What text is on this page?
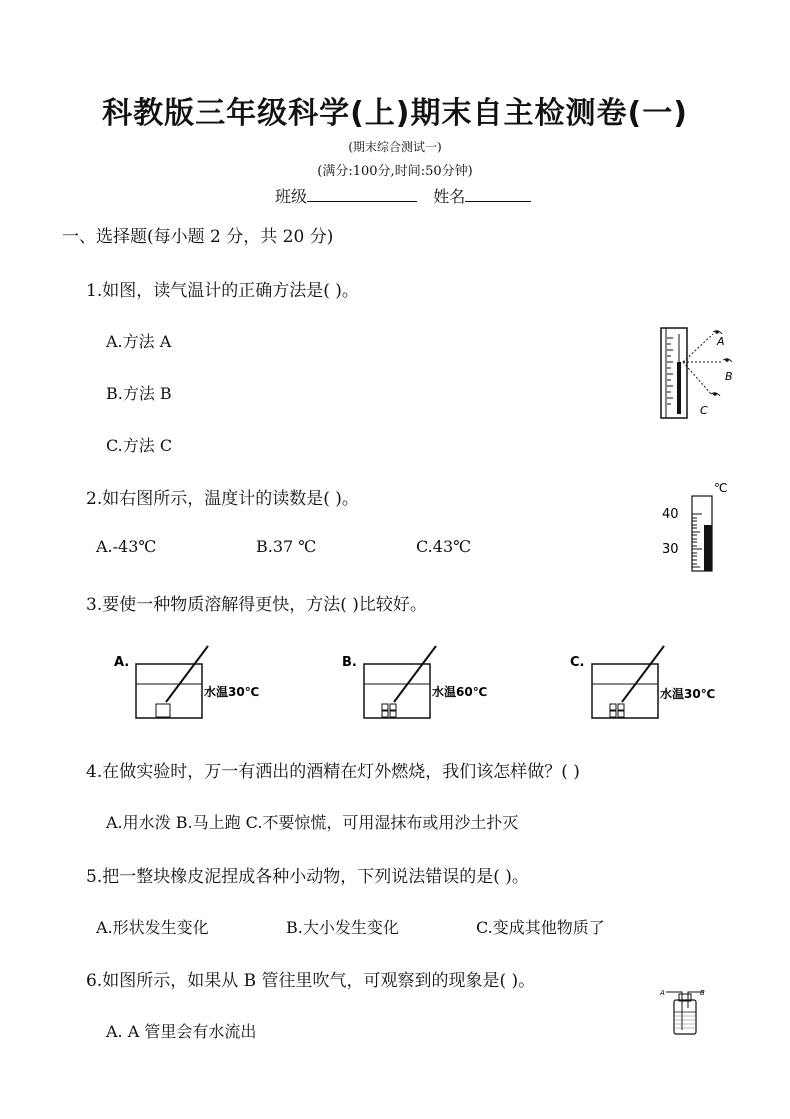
科教版三年级科学(上)期末自主检测卷(一)
(期末综合测试一)
(满分:100分,时间:50分钟)
班级	姓名
一、选择题(每小题 2 分，共 20 分)
1.如图，读气温计的正确方法是( )。
A.方法 A
B.方法 B
C.方法 C
A
B
C
2.如右图所示，温度计的读数是( )。
A.-43℃	B.37 ℃	C.43℃
℃
40
30
3.要使一种物质溶解得更快，方法( )比较好。
A.
水温30℃
B.
水温60℃
C.
水温30℃
4.在做实验时，万一有洒出的酒精在灯外燃烧，我们该怎样做？( )
A.用水泼 B.马上跑 C.不要惊慌，可用湿抹布或用沙土扑灭
5.把一整块橡皮泥捏成各种小动物，下列说法错误的是( )。
A.形状发生变化	B.大小发生变化	C.变成其他物质了
6.如图所示，如果从 B 管往里吹气，可观察到的现象是( )。
A. A 管里会有水流出
A	B
